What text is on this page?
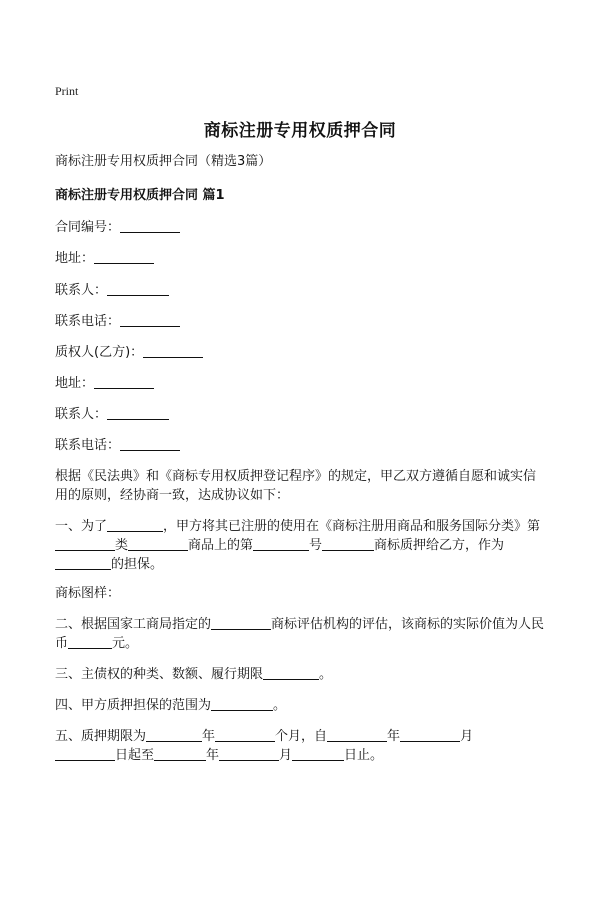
Print
商标注册专用权质押合同
商标注册专用权质押合同（精选3篇）
商标注册专用权质押合同 篇1
合同编号：
地址：
联系人：
联系电话：
质权人(乙方)：
地址：
联系人：
联系电话：
根据《民法典》和《商标专用权质押登记程序》的规定，甲乙双方遵循自愿和诚实信用的原则，经协商一致，达成协议如下：
一、为了	，甲方将其已注册的使用在《商标注册用商品和服务国际分类》第类	商品上的第	号	商标质押给乙方，作为的担保。
商标图样：
二、根据国家工商局指定的	商标评估机构的评估，该商标的实际价值为人民币	元。
三、主债权的种类、数额、履行期限	。
四、甲方质押担保的范围为	。
五、质押期限为	年	个月，自	年	月
日起至	年	月	日止。
